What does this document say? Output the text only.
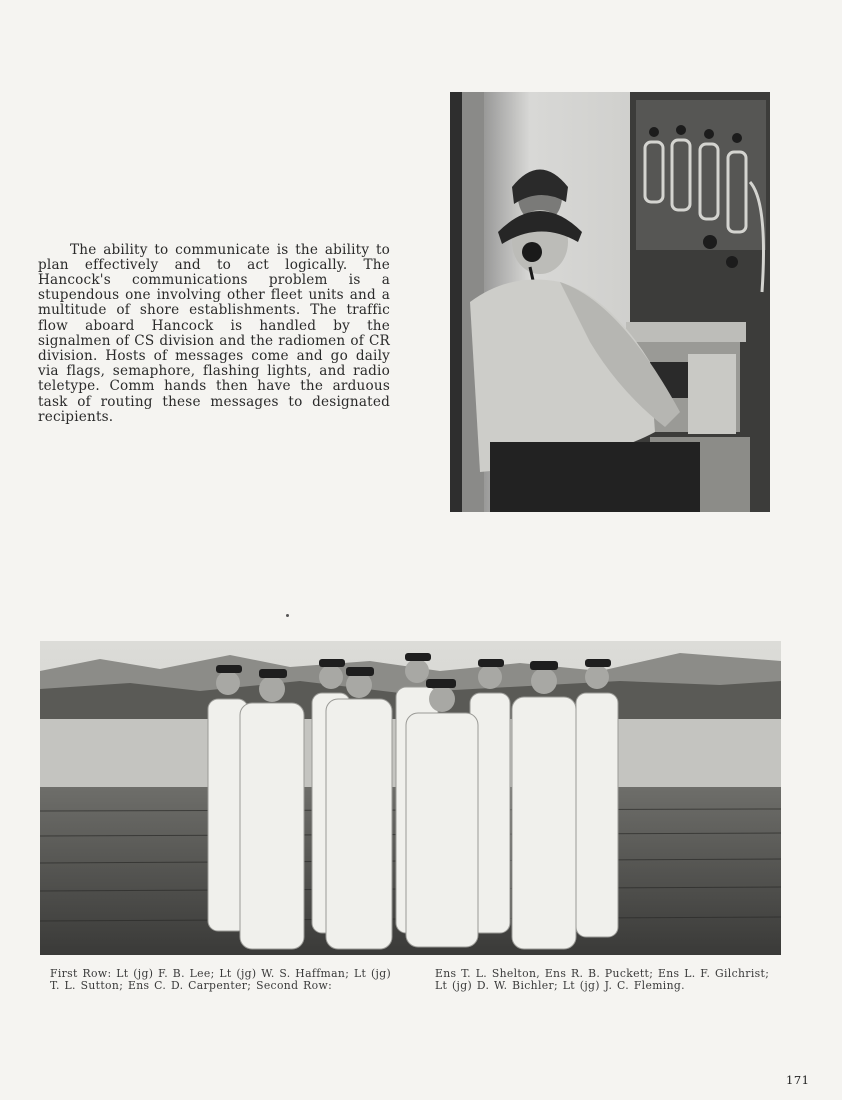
The ability to communicate is the ability to plan effectively and to act logically. The Hancock's communications problem is a stupendous one involving other fleet units and a multitude of shore establishments. The traffic flow aboard Hancock is handled by the signalmen of CS division and the radiomen of CR division. Hosts of messages come and go daily via flags, semaphore, flashing lights, and radio teletype. Comm hands then have the arduous task of routing these messages to designated recipients.

First Row: Lt (jg) F. B. Lee; Lt (jg) W. S. Haffman; Lt (jg) T. L. Sutton; Ens C. D. Carpenter; Second Row:
Ens T. L. Shelton, Ens R. B. Puckett; Ens L. F. Gilchrist; Lt (jg) D. W. Bichler; Lt (jg) J. C. Fleming.
171
